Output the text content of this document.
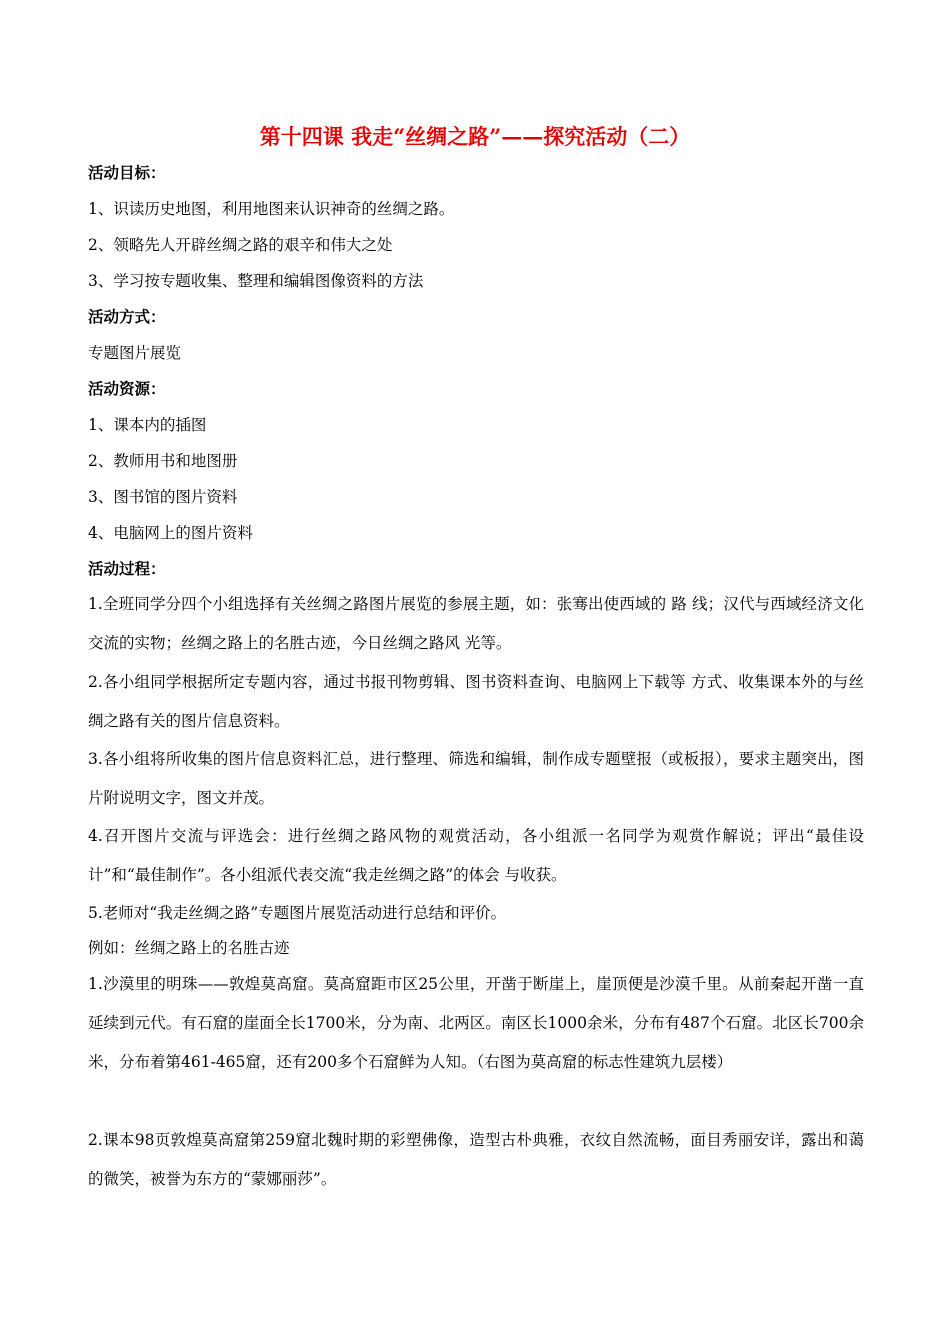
第十四课 我走“丝绸之路”——探究活动（二）
活动目标：
1、识读历史地图，利用地图来认识神奇的丝绸之路。
2、领略先人开辟丝绸之路的艰辛和伟大之处
3、学习按专题收集、整理和编辑图像资料的方法
活动方式：
专题图片展览
活动资源：
1、课本内的插图
2、教师用书和地图册
3、图书馆的图片资料
4、电脑网上的图片资料
活动过程：
1.全班同学分四个小组选择有关丝绸之路图片展览的参展主题，如：张骞出使西域的 路 线；汉代与西域经济文化交流的实物；丝绸之路上的名胜古迹，今日丝绸之路风 光等。
2.各小组同学根据所定专题内容，通过书报刊物剪辑、图书资料查询、电脑网上下载等 方式、收集课本外的与丝绸之路有关的图片信息资料。
3.各小组将所收集的图片信息资料汇总，进行整理、筛选和编辑，制作成专题壁报（或板报），要求主题突出，图片附说明文字，图文并茂。
4.召开图片交流与评选会：进行丝绸之路风物的观赏活动，各小组派一名同学为观赏作解说；评出“最佳设计”和“最佳制作”。各小组派代表交流“我走丝绸之路”的体会 与收获。
5.老师对“我走丝绸之路”专题图片展览活动进行总结和评价。
例如：丝绸之路上的名胜古迹
1.沙漠里的明珠——敦煌莫高窟。莫高窟距市区25公里，开凿于断崖上，崖顶便是沙漠千里。从前秦起开凿一直延续到元代。有石窟的崖面全长1700米，分为南、北两区。南区长1000余米，分布有487个石窟。北区长700余米，分布着第461-465窟，还有200多个石窟鲜为人知。（右图为莫高窟的标志性建筑九层楼）
2.课本98页敦煌莫高窟第259窟北魏时期的彩塑佛像，造型古朴典雅，衣纹自然流畅，面目秀丽安详，露出和蔼的微笑，被誉为东方的“蒙娜丽莎”。
